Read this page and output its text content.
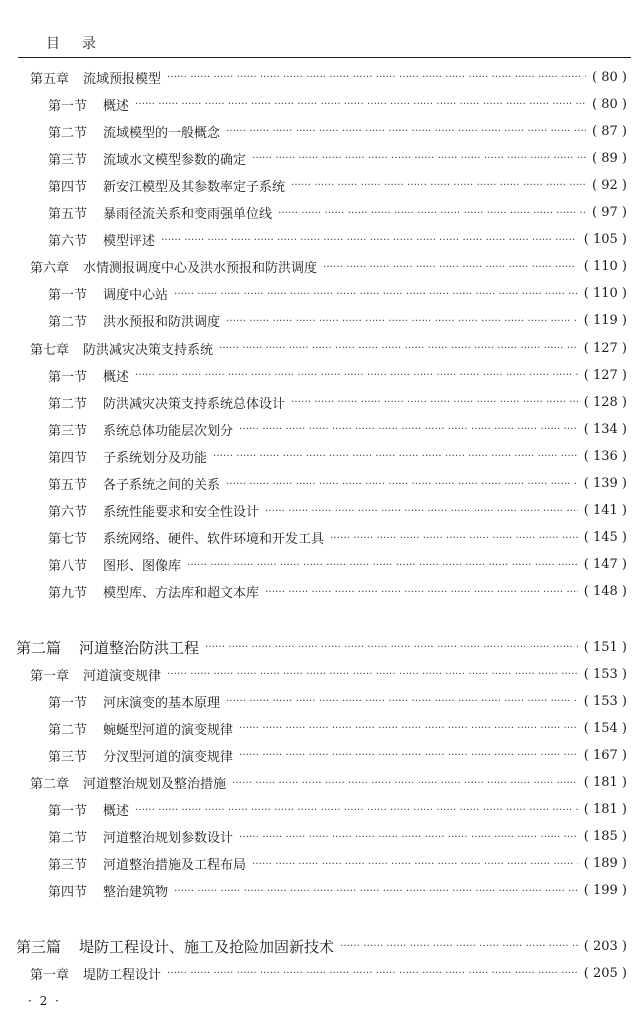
目录
第五章 流域预报模型 …… …… …… …… …… …… …… …… …… …… …… …… …… …… …… …… …… …… …… …… …… …… …… …… …… …… ……	( 80 )
第一节 概述 …… …… …… …… …… …… …… …… …… …… …… …… …… …… …… …… …… …… …… …… …… …… …… …… …… …… ……	( 80 )
第二节 流域模型的一般概念 …… …… …… …… …… …… …… …… …… …… …… …… …… …… …… …… …… …… …… …… …… …… …… …… …… …… ……	( 87 )
第三节 流域水文模型参数的确定 …… …… …… …… …… …… …… …… …… …… …… …… …… …… …… …… …… …… …… …… …… …… …… …… …… …… ……	( 89 )
第四节 新安江模型及其参数率定子系统 …… …… …… …… …… …… …… …… …… …… …… …… …… …… …… …… …… …… …… …… …… …… …… …… …… …… ……	( 92 )
第五节 暴雨径流关系和变雨强单位线 …… …… …… …… …… …… …… …… …… …… …… …… …… …… …… …… …… …… …… …… …… …… …… …… …… …… ……	( 97 )
第六节 模型评述 …… …… …… …… …… …… …… …… …… …… …… …… …… …… …… …… …… …… …… …… …… …… …… …… …… …… ……	( 105 )
第六章 水情测报调度中心及洪水预报和防洪调度 …… …… …… …… …… …… …… …… …… …… …… …… …… …… …… …… …… …… …… …… …… …… …… …… …… …… ……	( 110 )
第一节 调度中心站 …… …… …… …… …… …… …… …… …… …… …… …… …… …… …… …… …… …… …… …… …… …… …… …… …… …… ……	( 110 )
第二节 洪水预报和防洪调度 …… …… …… …… …… …… …… …… …… …… …… …… …… …… …… …… …… …… …… …… …… …… …… …… …… …… ……	( 119 )
第七章 防洪减灾决策支持系统 …… …… …… …… …… …… …… …… …… …… …… …… …… …… …… …… …… …… …… …… …… …… …… …… …… …… ……	( 127 )
第一节 概述 …… …… …… …… …… …… …… …… …… …… …… …… …… …… …… …… …… …… …… …… …… …… …… …… …… …… ……	( 127 )
第二节 防洪减灾决策支持系统总体设计 …… …… …… …… …… …… …… …… …… …… …… …… …… …… …… …… …… …… …… …… …… …… …… …… …… …… ……	( 128 )
第三节 系统总体功能层次划分 …… …… …… …… …… …… …… …… …… …… …… …… …… …… …… …… …… …… …… …… …… …… …… …… …… …… ……	( 134 )
第四节 子系统划分及功能 …… …… …… …… …… …… …… …… …… …… …… …… …… …… …… …… …… …… …… …… …… …… …… …… …… …… ……	( 136 )
第五节 各子系统之间的关系 …… …… …… …… …… …… …… …… …… …… …… …… …… …… …… …… …… …… …… …… …… …… …… …… …… …… ……	( 139 )
第六节 系统性能要求和安全性设计 …… …… …… …… …… …… …… …… …… …… …… …… …… …… …… …… …… …… …… …… …… …… …… …… …… …… ……	( 141 )
第七节 系统网络、硬件、软件环境和开发工具 …… …… …… …… …… …… …… …… …… …… …… …… …… …… …… …… …… …… …… …… …… …… …… …… …… …… ……	( 145 )
第八节 图形、图像库 …… …… …… …… …… …… …… …… …… …… …… …… …… …… …… …… …… …… …… …… …… …… …… …… …… …… ……	( 147 )
第九节 模型库、方法库和超文本库 …… …… …… …… …… …… …… …… …… …… …… …… …… …… …… …… …… …… …… …… …… …… …… …… …… …… ……	( 148 )
第二篇 河道整治防洪工程 …… …… …… …… …… …… …… …… …… …… …… …… …… …… …… …… …… …… …… …… …… …… …… …… …… …… ……	( 151 )
第一章 河道演变规律 …… …… …… …… …… …… …… …… …… …… …… …… …… …… …… …… …… …… …… …… …… …… …… …… …… …… ……	( 153 )
第一节 河床演变的基本原理 …… …… …… …… …… …… …… …… …… …… …… …… …… …… …… …… …… …… …… …… …… …… …… …… …… …… ……	( 153 )
第二节 蜿蜒型河道的演变规律 …… …… …… …… …… …… …… …… …… …… …… …… …… …… …… …… …… …… …… …… …… …… …… …… …… …… ……	( 154 )
第三节 分汊型河道的演变规律 …… …… …… …… …… …… …… …… …… …… …… …… …… …… …… …… …… …… …… …… …… …… …… …… …… …… ……	( 167 )
第二章 河道整治规划及整治措施 …… …… …… …… …… …… …… …… …… …… …… …… …… …… …… …… …… …… …… …… …… …… …… …… …… …… ……	( 181 )
第一节 概述 …… …… …… …… …… …… …… …… …… …… …… …… …… …… …… …… …… …… …… …… …… …… …… …… …… …… ……	( 181 )
第二节 河道整治规划参数设计 …… …… …… …… …… …… …… …… …… …… …… …… …… …… …… …… …… …… …… …… …… …… …… …… …… …… ……	( 185 )
第三节 河道整治措施及工程布局 …… …… …… …… …… …… …… …… …… …… …… …… …… …… …… …… …… …… …… …… …… …… …… …… …… …… ……	( 189 )
第四节 整治建筑物 …… …… …… …… …… …… …… …… …… …… …… …… …… …… …… …… …… …… …… …… …… …… …… …… …… …… ……	( 199 )
第三篇 堤防工程设计、施工及抢险加固新技术 …… …… …… …… …… …… …… …… …… …… …… …… …… …… …… …… …… …… …… …… …… …… …… …… …… …… ……	( 203 )
第一章 堤防工程设计 …… …… …… …… …… …… …… …… …… …… …… …… …… …… …… …… …… …… …… …… …… …… …… …… …… …… ……	( 205 )
· 2 ·
